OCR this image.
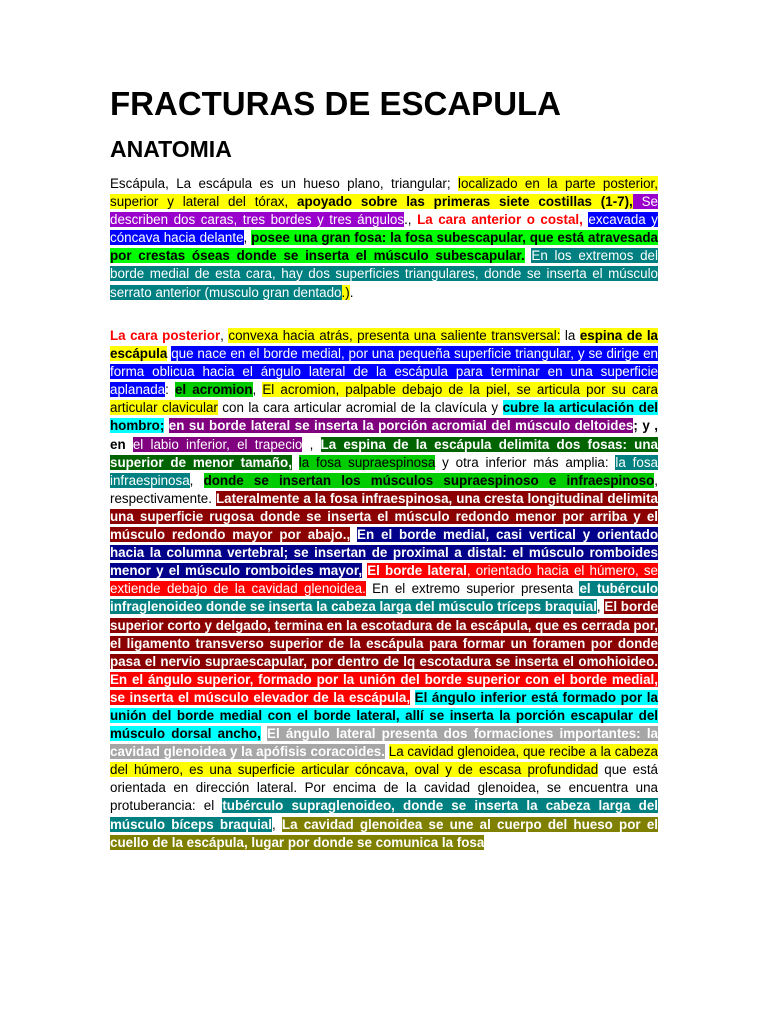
FRACTURAS DE ESCAPULA
ANATOMIA

Escápula, La escápula es un hueso plano, triangular; localizado en la parte posterior, superior y lateral del tórax, apoyado sobre las primeras siete costillas (1-7), Se describen dos caras, tres bordes y tres ángulos., La cara anterior o costal, excavada y cóncava hacia delante, posee una gran fosa: la fosa subescapular, que está atravesada por crestas óseas donde se inserta el músculo subescapular. En los extremos del borde medial de esta cara, hay dos superficies triangulares, donde se inserta el músculo serrato anterior (musculo gran dentado.).

La cara posterior, convexa hacia atrás, presenta una saliente transversal: la espina de la escápula que nace en el borde medial, por una pequeña superficie triangular, y se dirige en forma oblicua hacia el ángulo lateral de la escápula para terminar en una superficie aplanada: el acromion, El acromion, palpable debajo de la piel, se articula por su cara articular clavicular con la cara articular acromial de la clavícula y cubre la articulación del hombro; en su borde lateral se inserta la porción acromial del músculo deltoides; y , en el labio inferior, el trapecio , La espina de la escápula delimita dos fosas: una superior de menor tamaño, la fosa supraespinosa y otra inferior más amplia: la fosa infraespinosa, donde se insertan los músculos supraespinoso e infraespinoso, respectivamente. Lateralmente a la fosa infraespinosa, una cresta longitudinal delimita una superficie rugosa donde se inserta el músculo redondo menor por arriba y el músculo redondo mayor por abajo., En el borde medial, casi vertical y orientado hacia la columna vertebral; se insertan de proximal a distal: el músculo romboides menor y el músculo romboides mayor, El borde lateral, orientado hacia el húmero, se extiende debajo de la cavidad glenoidea. En el extremo superior presenta el tubérculo infraglenoideo donde se inserta la cabeza larga del músculo tríceps braquial, El borde superior corto y delgado, termina en la escotadura de la escápula, que es cerrada por, el ligamento transverso superior de la escápula para formar un foramen por donde pasa el nervio supraescapular, por dentro de lq escotadura se inserta el omohioideo. En el ángulo superior, formado por la unión del borde superior con el borde medial, se inserta el músculo elevador de la escápula, El ángulo inferior está formado por la unión del borde medial con el borde lateral, allí se inserta la porción escapular del músculo dorsal ancho, El ángulo lateral presenta dos formaciones importantes: la cavidad glenoidea y la apófisis coracoides. La cavidad glenoidea, que recibe a la cabeza del húmero, es una superficie articular cóncava, oval y de escasa profundidad que está orientada en dirección lateral. Por encima de la cavidad glenoidea, se encuentra una protuberancia: el tubérculo supraglenoideo, donde se inserta la cabeza larga del músculo bíceps braquial, La cavidad glenoidea se une al cuerpo del hueso por el cuello de la escápula, lugar por donde se comunica la fosa
